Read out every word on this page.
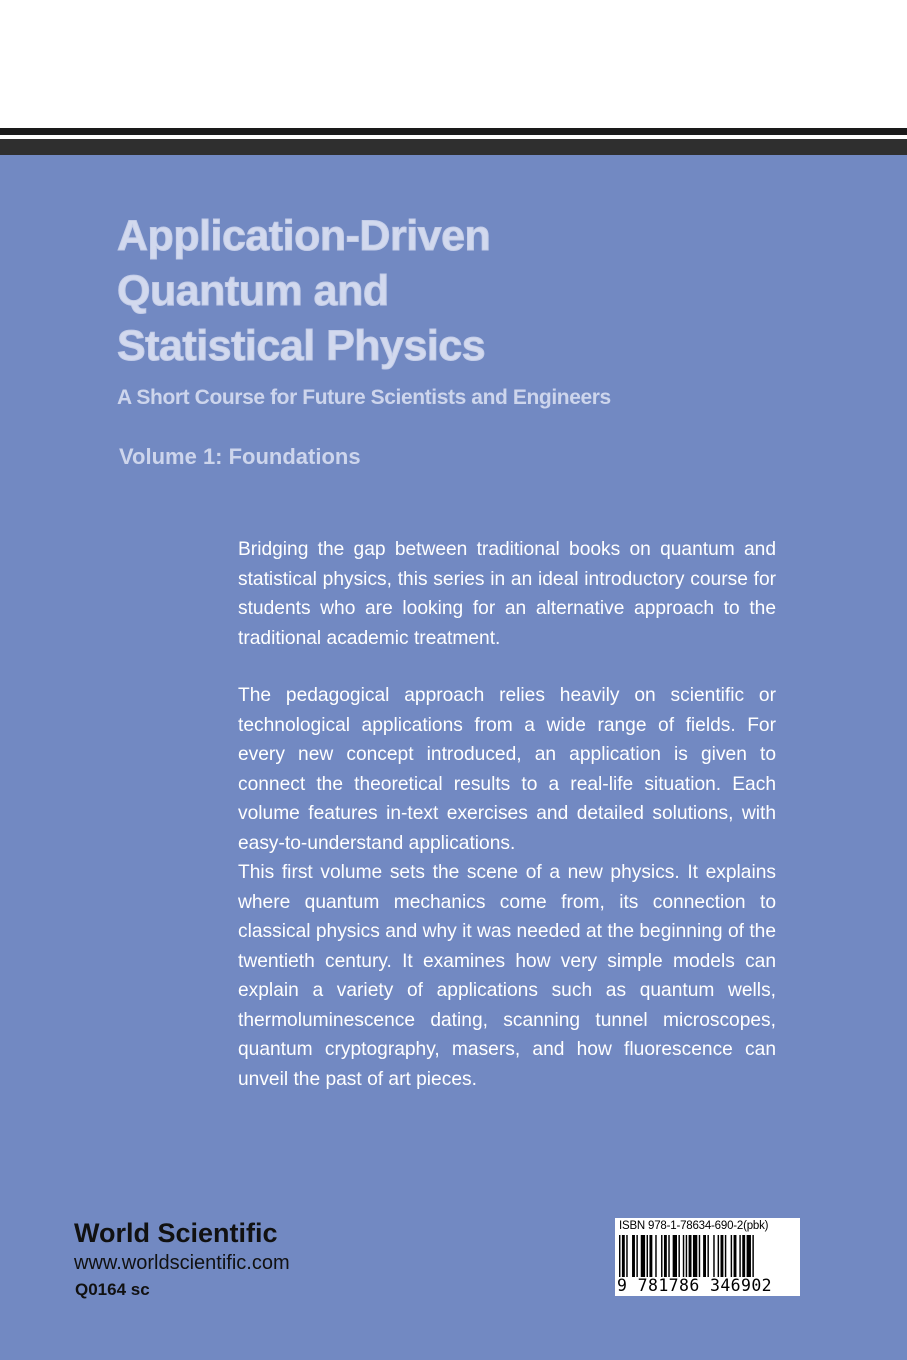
Application-Driven
Quantum and
Statistical Physics

A Short Course for Future Scientists and Engineers

Volume 1: Foundations

Bridging the gap between traditional books on quantum and statistical physics, this series in an ideal introductory course for students who are looking for an alternative approach to the traditional academic treatment.

The pedagogical approach relies heavily on scientific or technological applications from a wide range of fields. For every new concept introduced, an application is given to connect the theoretical results to a real-life situation. Each volume features in-text exercises and detailed solutions, with easy-to-understand applications.

This first volume sets the scene of a new physics. It explains where quantum mechanics come from, its connection to classical physics and why it was needed at the beginning of the twentieth century. It examines how very simple models can explain a variety of applications such as quantum wells, thermoluminescence dating, scanning tunnel microscopes, quantum cryptography, masers, and how fluorescence can unveil the past of art pieces.

World Scientific

www.worldscientific.com

Q0164 sc

ISBN 978-1-78634-690-2(pbk)

9 781786 346902
